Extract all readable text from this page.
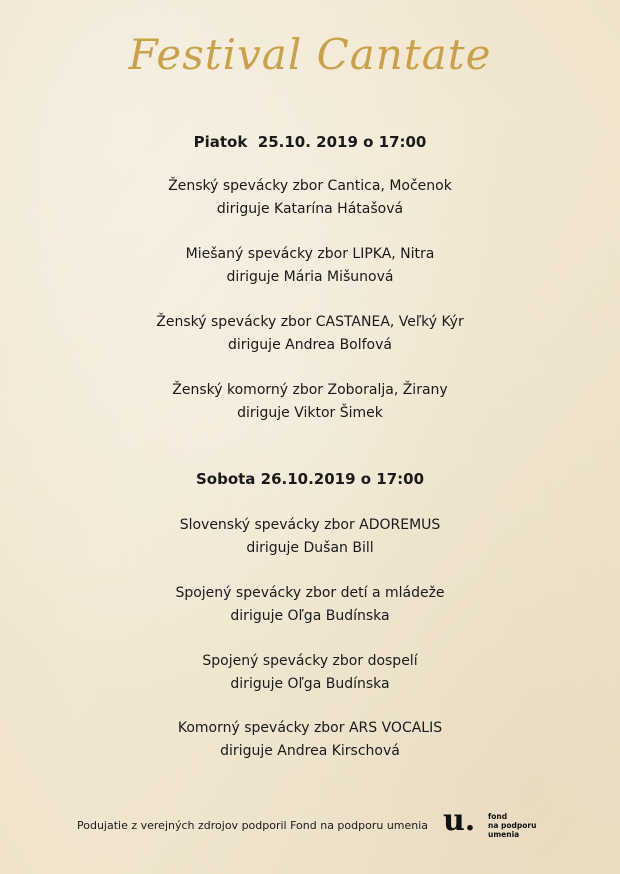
Festival Cantate
Piatok  25.10. 2019 o 17:00
Ženský spevácky zbor Cantica, Močenok
diriguje Katarína Hátašová
Miešaný spevácky zbor LIPKA, Nitra
diriguje Mária Mišunová
Ženský spevácky zbor CASTANEA, Veľký Kýr
diriguje Andrea Bolfová
Ženský komorný zbor Zoboralja, Žirany
diriguje Viktor Šimek
Sobota 26.10.2019 o 17:00
Slovenský spevácky zbor ADOREMUS
diriguje Dušan Bill
Spojený spevácky zbor detí a mládeže
diriguje Oľga Budínska
Spojený spevácky zbor dospelí
diriguje Oľga Budínska
Komorný spevácky zbor ARS VOCALIS
diriguje Andrea Kirschová
Podujatie z verejných zdrojov podporil Fond na podporu umenia u. fond
na podporu
umenia
